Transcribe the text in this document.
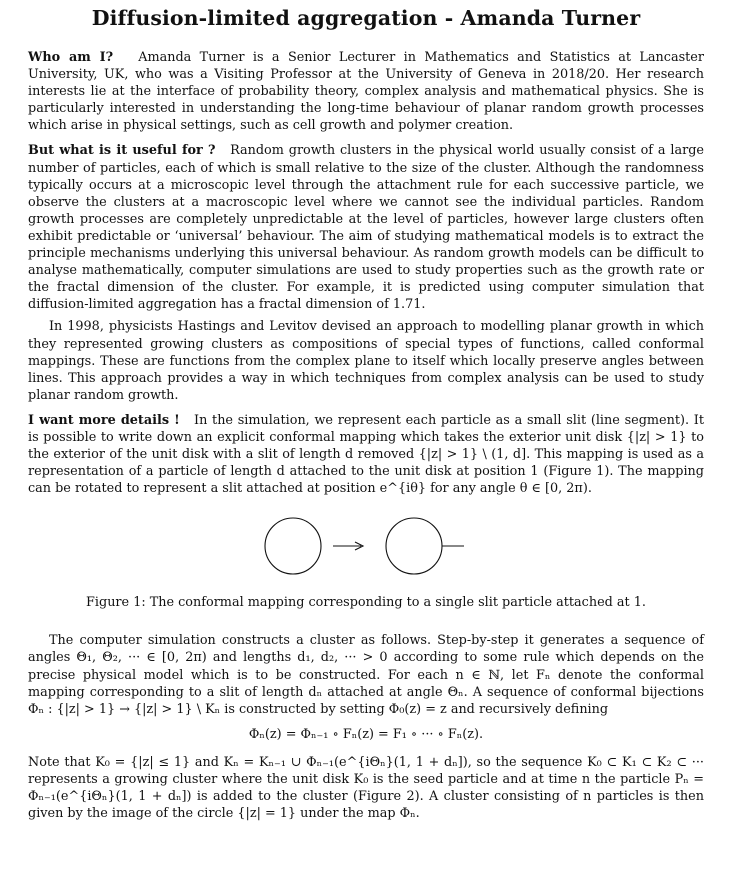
Diffusion-limited aggregation - Amanda Turner

Who am I? Amanda Turner is a Senior Lecturer in Mathematics and Statistics at Lancaster University, UK, who was a Visiting Professor at the University of Geneva in 2018/20. Her research interests lie at the interface of probability theory, complex analysis and mathematical physics. She is particularly interested in understanding the long-time behaviour of planar random growth processes which arise in physical settings, such as cell growth and polymer creation.

But what is it useful for ? Random growth clusters in the physical world usually consist of a large number of particles, each of which is small relative to the size of the cluster. Although the randomness typically occurs at a microscopic level through the attachment rule for each successive particle, we observe the clusters at a macroscopic level where we cannot see the individual particles. Random growth processes are completely unpredictable at the level of particles, however large clusters often exhibit predictable or ‘universal’ behaviour. The aim of studying mathematical models is to extract the principle mechanisms underlying this universal behaviour. As random growth models can be difficult to analyse mathematically, computer simulations are used to study properties such as the growth rate or the fractal dimension of the cluster. For example, it is predicted using computer simulation that diffusion-limited aggregation has a fractal dimension of 1.71.

In 1998, physicists Hastings and Levitov devised an approach to modelling planar growth in which they represented growing clusters as compositions of special types of functions, called conformal mappings. These are functions from the complex plane to itself which locally preserve angles between lines. This approach provides a way in which techniques from complex analysis can be used to study planar random growth.

I want more details ! In the simulation, we represent each particle as a small slit (line segment). It is possible to write down an explicit conformal mapping which takes the exterior unit disk {|z| > 1} to the exterior of the unit disk with a slit of length d removed {|z| > 1} \ (1, d]. This mapping is used as a representation of a particle of length d attached to the unit disk at position 1 (Figure 1). The mapping can be rotated to represent a slit attached at position e^{iθ} for any angle θ ∈ [0, 2π).

Figure 1: The conformal mapping corresponding to a single slit particle attached at 1.

The computer simulation constructs a cluster as follows. Step-by-step it generates a sequence of angles Θ₁, Θ₂, ··· ∈ [0, 2π) and lengths d₁, d₂, ··· > 0 according to some rule which depends on the precise physical model which is to be constructed. For each n ∈ ℕ, let Fₙ denote the conformal mapping corresponding to a slit of length dₙ attached at angle Θₙ. A sequence of conformal bijections Φₙ : {|z| > 1} → {|z| > 1} \ Kₙ is constructed by setting Φ₀(z) = z and recursively defining

Φₙ(z) = Φₙ₋₁ ∘ Fₙ(z) = F₁ ∘ ··· ∘ Fₙ(z).

Note that K₀ = {|z| ≤ 1} and Kₙ = Kₙ₋₁ ∪ Φₙ₋₁(e^{iΘₙ}(1, 1 + dₙ]), so the sequence K₀ ⊂ K₁ ⊂ K₂ ⊂ ··· represents a growing cluster where the unit disk K₀ is the seed particle and at time n the particle Pₙ = Φₙ₋₁(e^{iΘₙ}(1, 1 + dₙ]) is added to the cluster (Figure 2). A cluster consisting of n particles is then given by the image of the circle {|z| = 1} under the map Φₙ.
